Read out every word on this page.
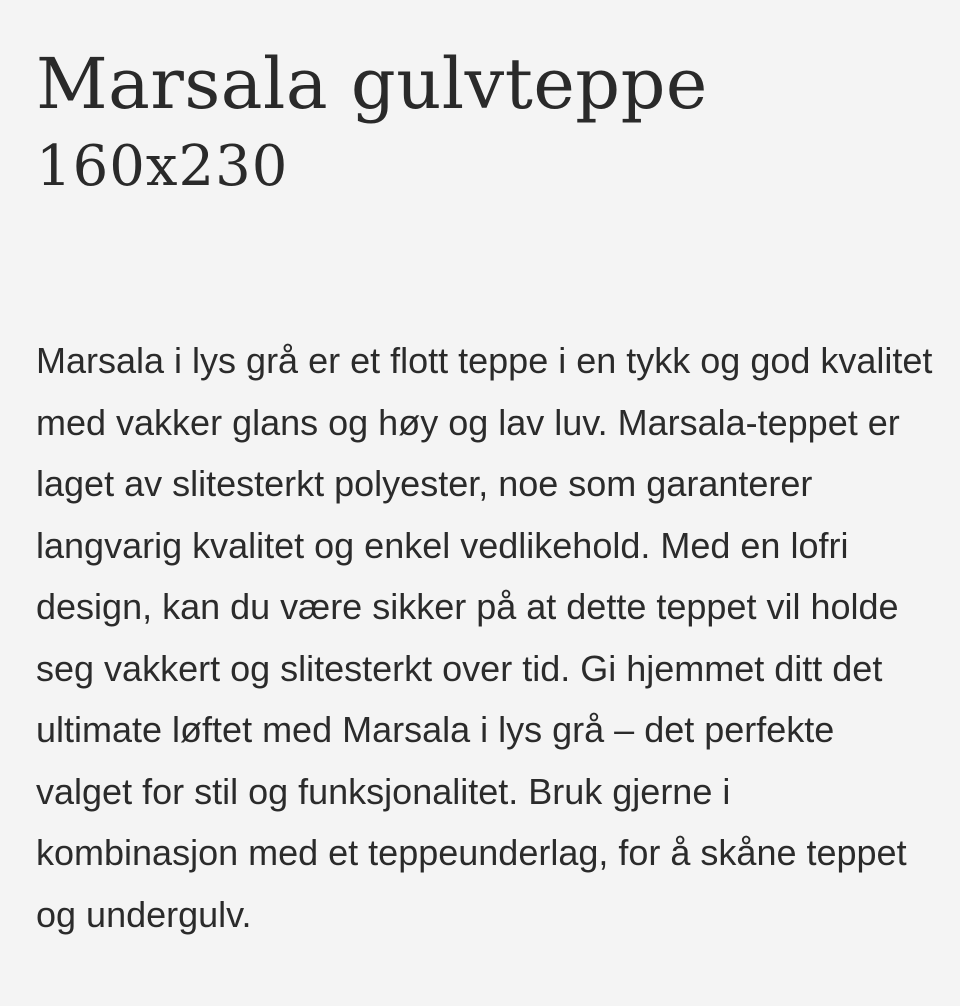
Marsala gulvteppe
160x230

Marsala i lys grå er et flott teppe i en tykk og god kvalitet med vakker glans og høy og lav luv. Marsala-teppet er laget av slitesterkt polyester, noe som garanterer langvarig kvalitet og enkel vedlikehold. Med en lofri design, kan du være sikker på at dette teppet vil holde seg vakkert og slitesterkt over tid. Gi hjemmet ditt det ultimate løftet med Marsala i lys grå – det perfekte valget for stil og funksjonalitet. Bruk gjerne i kombinasjon med et teppeunderlag, for å skåne teppet og undergulv.
